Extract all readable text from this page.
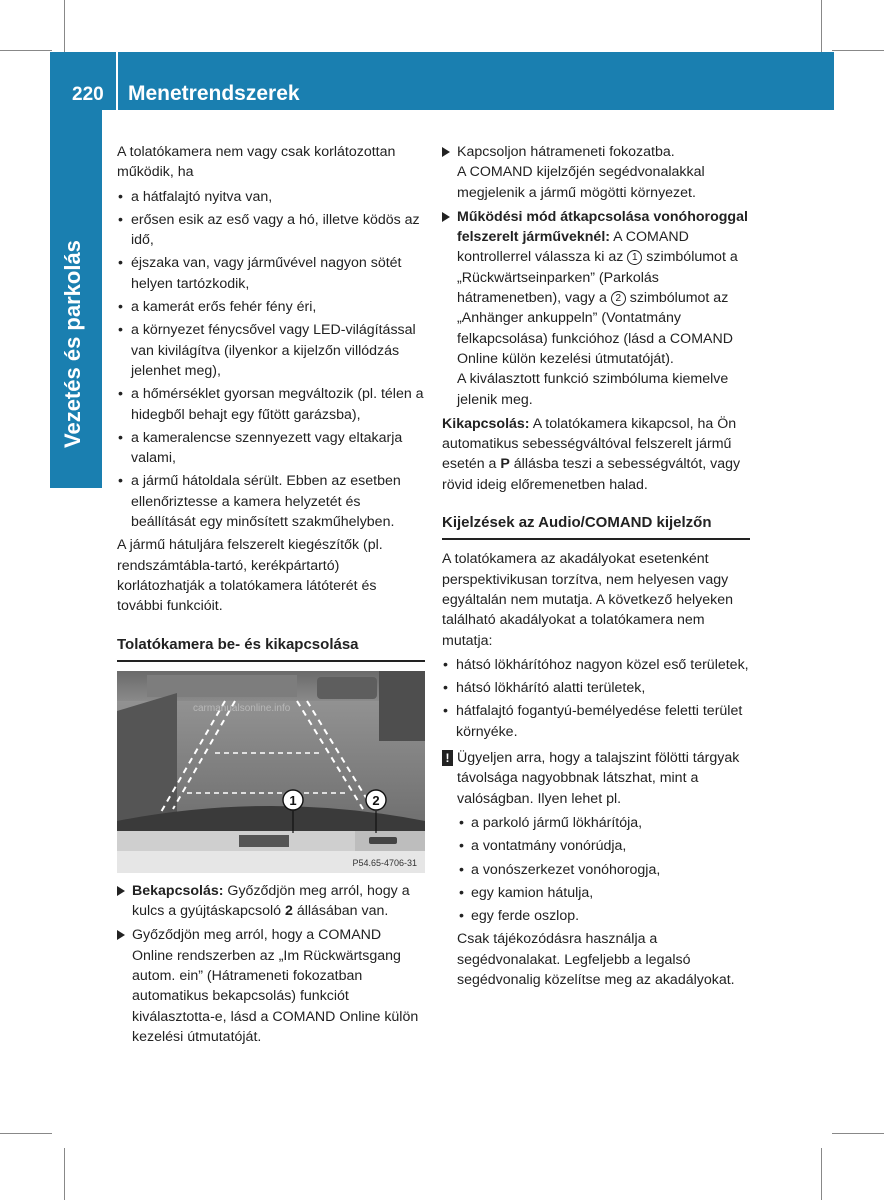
220 Menetrendszerek
Vezetés és parkolás

A tolatókamera nem vagy csak korlátozottan működik, ha

• a hátfalajtó nyitva van,
• erősen esik az eső vagy a hó, illetve ködös az idő,
• éjszaka van, vagy járművével nagyon sötét helyen tartózkodik,
• a kamerát erős fehér fény éri,
• a környezet fénycsővel vagy LED-világítással van kivilágítva (ilyenkor a kijelzőn villódzás jelenhet meg),
• a hőmérséklet gyorsan megváltozik (pl. télen a hidegből behajt egy fűtött garázsba),
• a kameralencse szennyezett vagy eltakarja valami,
• a jármű hátoldala sérült. Ebben az esetben ellenőriztesse a kamera helyzetét és beállítását egy minősített szakműhelyben.

A jármű hátuljára felszerelt kiegészítők (pl. rendszámtábla-tartó, kerékpártartó) korlátozhatják a tolatókamera látóterét és további funkcióit.

Tolatókamera be- és kikapcsolása
1	2
carmanualsonline.info
P54.65-4706-31
Bekapcsolás: Győződjön meg arról, hogy a kulcs a gyújtáskapcsoló 2 állásában van.
Győződjön meg arról, hogy a COMAND Online rendszerben az „Im Rückwärtsgang autom. ein” (Hátrameneti fokozatban automatikus bekapcsolás) funkciót kiválasztotta-e, lásd a COMAND Online külön kezelési útmutatóját.
Kapcsoljon hátrameneti fokozatba.

A COMAND kijelzőjén segédvonalakkal megjelenik a jármű mögötti környezet.

Működési mód átkapcsolása vonóhoroggal felszerelt járműveknél: A COMAND kontrollerrel válassza ki az 1 szimbólumot a „Rückwärtseinparken” (Parkolás hátramenetben), vagy a 2 szimbólumot az „Anhänger ankuppeln” (Vontatmány felkapcsolása) funkcióhoz (lásd a COMAND Online külön kezelési útmutatóját).

A kiválasztott funkció szimbóluma kiemelve jelenik meg.

Kikapcsolás: A tolatókamera kikapcsol, ha Ön automatikus sebességváltóval felszerelt jármű esetén a P állásba teszi a sebességváltót, vagy rövid ideig előremenetben halad.

Kijelzések az Audio/COMAND kijelzőn

A tolatókamera az akadályokat esetenként perspektivikusan torzítva, nem helyesen vagy egyáltalán nem mutatja. A következő helyeken található akadályokat a tolatókamera nem mutatja:

• hátsó lökhárítóhoz nagyon közel eső területek,
• hátsó lökhárító alatti területek,
• hátfalajtó fogantyú-bemélyedése feletti terület környéke.
! Ügyeljen arra, hogy a talajszint fölötti tárgyak távolsága nagyobbnak látszhat, mint a valóságban. Ilyen lehet pl.
• a parkoló jármű lökhárítója,
• a vontatmány vonórúdja,
• a vonószerkezet vonóhorogja,
• egy kamion hátulja,
• egy ferde oszlop.

Csak tájékozódásra használja a segédvonalakat. Legfeljebb a legalsó segédvonalig közelítse meg az akadályokat.
